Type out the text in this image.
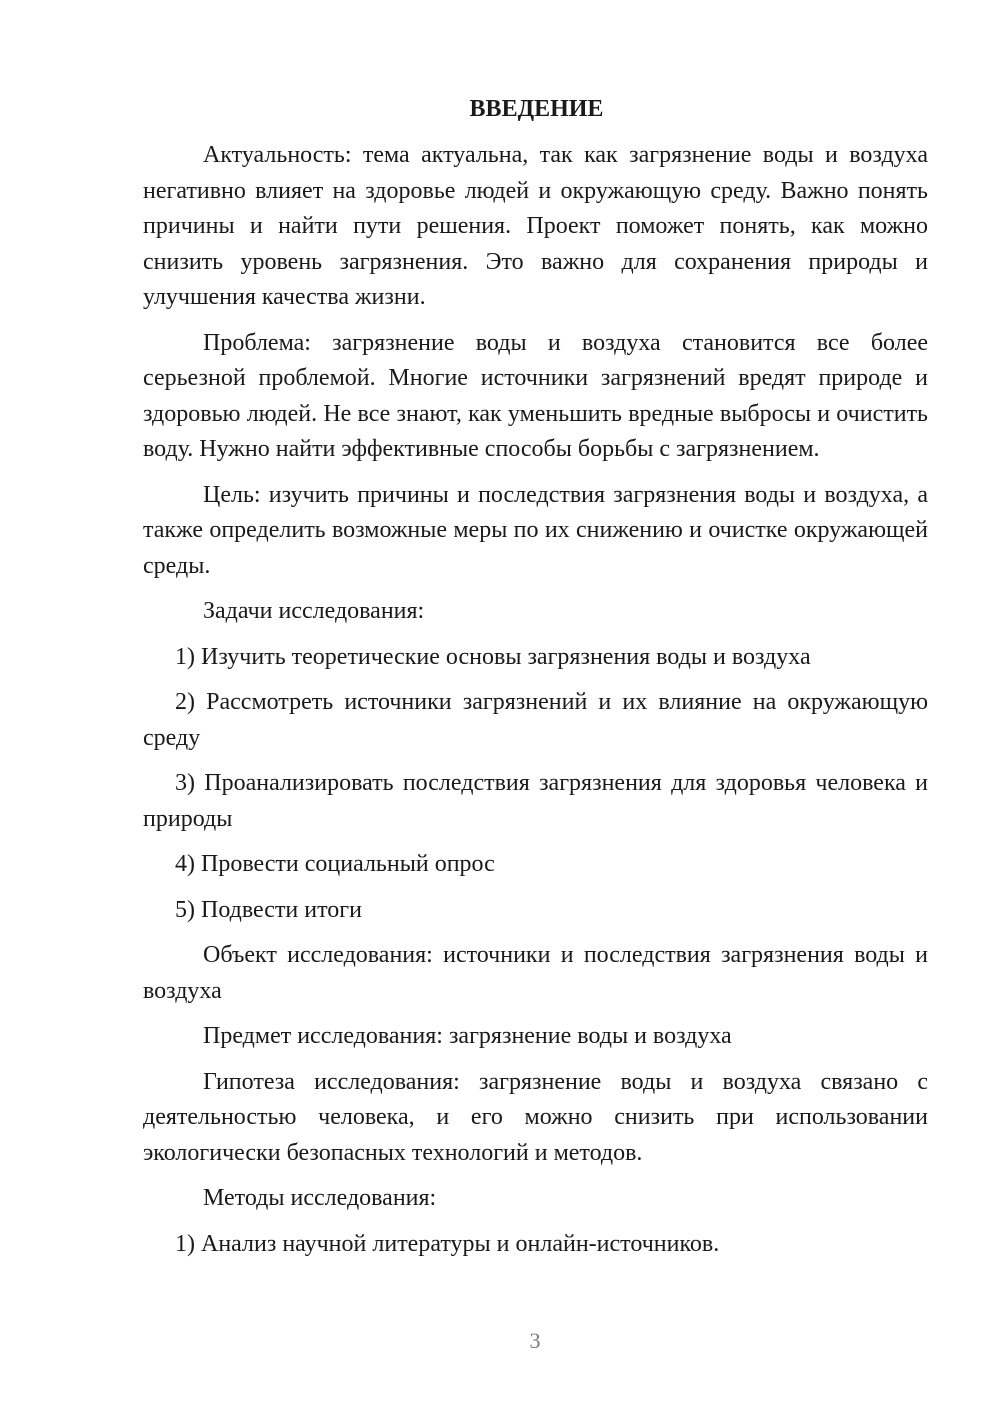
ВВЕДЕНИЕ
Актуальность: тема актуальна, так как загрязнение воды и воздуха негативно влияет на здоровье людей и окружающую среду. Важно понять причины и найти пути решения. Проект поможет понять, как можно снизить уровень загрязнения. Это важно для сохранения природы и улучшения качества жизни.
Проблема: загрязнение воды и воздуха становится все более серьезной проблемой. Многие источники загрязнений вредят природе и здоровью людей. Не все знают, как уменьшить вредные выбросы и очистить воду. Нужно найти эффективные способы борьбы с загрязнением.
Цель: изучить причины и последствия загрязнения воды и воздуха, а также определить возможные меры по их снижению и очистке окружающей среды.
Задачи исследования:
1) Изучить теоретические основы загрязнения воды и воздуха
2) Рассмотреть источники загрязнений и их влияние на окружающую среду
3) Проанализировать последствия загрязнения для здоровья человека и природы
4) Провести социальный опрос
5) Подвести итоги
Объект исследования: источники и последствия загрязнения воды и воздуха
Предмет исследования: загрязнение воды и воздуха
Гипотеза исследования: загрязнение воды и воздуха связано с деятельностью человека, и его можно снизить при использовании экологически безопасных технологий и методов.
Методы исследования:
1) Анализ научной литературы и онлайн-источников.
3
